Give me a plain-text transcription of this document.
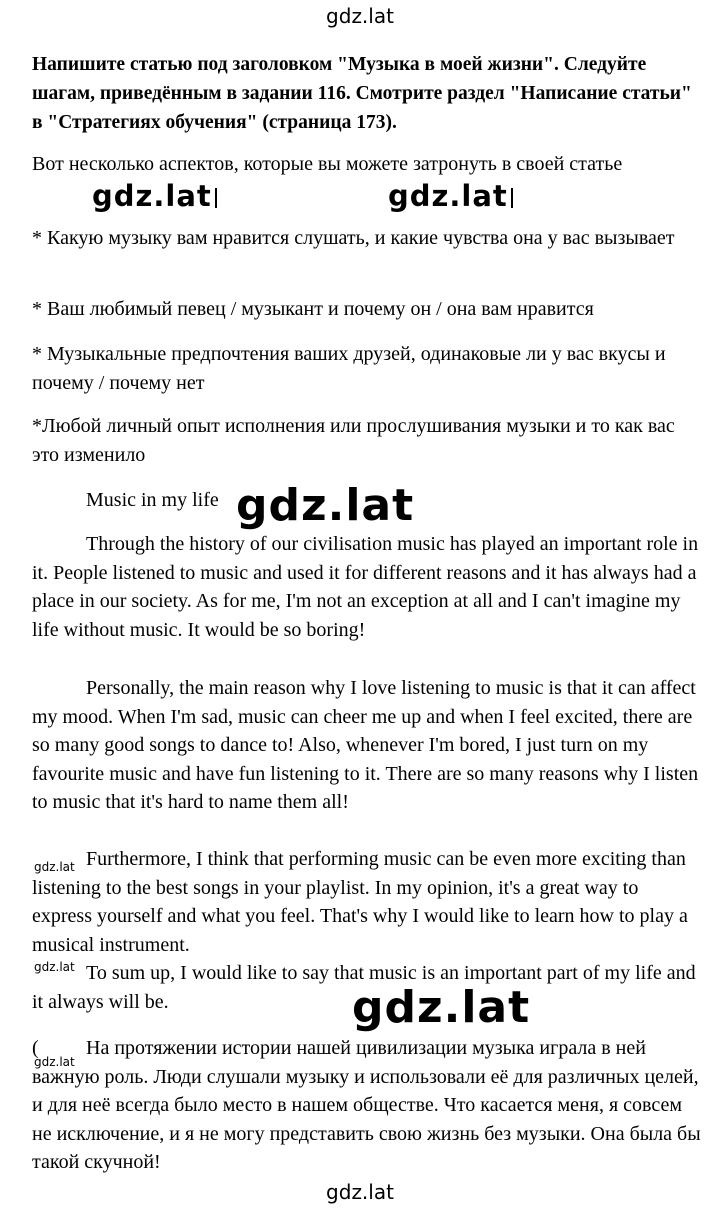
gdz.lat
Напишите статью под заголовком "Музыка в моей жизни". Следуйте шагам, приведённым в задании 116. Смотрите раздел "Написание статьи" в "Стратегиях обучения" (страница 173).
Вот несколько аспектов, которые вы можете затронуть в своей статье
gdz.lat	gdz.lat
* Какую музыку вам нравится слушать, и какие чувства она у вас вызывает
* Ваш любимый певец / музыкант и почему он / она вам нравится
* Музыкальные предпочтения ваших друзей, одинаковые ли у вас вкусы и почему / почему нет
*Любой личный опыт исполнения или прослушивания музыки и то как вас это изменило
Music in my life gdz.lat
Through the history of our civilisation music has played an important role in it. People listened to music and used it for different reasons and it has always had a place in our society. As for me, I'm not an exception at all and I can't imagine my life without music. It would be so boring!
Personally, the main reason why I love listening to music is that it can affect my mood. When I'm sad, music can cheer me up and when I feel excited, there are so many good songs to dance to! Also, whenever I'm bored, I just turn on my favourite music and have fun listening to it. There are so many reasons why I listen to music that it's hard to name them all!
gdz.lat Furthermore, I think that performing music can be even more exciting than listening to the best songs in your playlist. In my opinion, it's a great way to express yourself and what you feel. That's why I would like to learn how to play a musical instrument.
gdz.lat To sum up, I would like to say that music is an important part of my life and it always will be.	gdz.lat
(	На протяжении истории нашей цивилизации музыка играла в ней важную роль. Люди слушали музыку и использовали её для различных целей, и для неё всегда было место в нашем обществе. Что касается меня, я совсем не исключение, и я не могу представить свою жизнь без музыки. Она была бы такой скучной!
gdz.lat
gdz.lat
